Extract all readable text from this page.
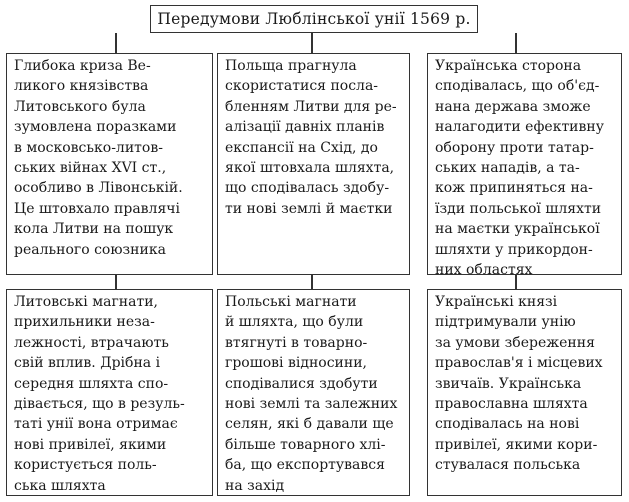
Передумови Люблінської унії 1569 р.
Глибока криза Ве-
ликого князівства
Литовського була
зумовлена поразками
в московсько-литов-
ських війнах XVI ст.,
особливо в Лівонській.
Це штовхало правлячі
кола Литви на пошук
реального союзника
Польща прагнула
скористатися посла-
бленням Литви для ре-
алізації давніх планів
експансії на Схід, до
якої штовхала шляхта,
що сподівалась здобу-
ти нові землі й маєтки
Українська сторона
сподівалась, що об'єд-
нана держава зможе
налагодити ефективну
оборону проти татар-
ських нападів, а та-
кож припиняться на-
їзди польської шляхти
на маєтки української
шляхти у прикордон-
них областях
Литовські магнати,
прихильники неза-
лежності, втрачають
свій вплив. Дрібна і
середня шляхта спо-
дівається, що в резуль-
таті унії вона отримає
нові привілеї, якими
користується поль-
ська шляхта
Польські магнати
й шляхта, що були
втягнуті в товарно-
грошові відносини,
сподівалися здобути
нові землі та залежних
селян, які б давали ще
більше товарного хлі-
ба, що експортувався
на захід
Українські князі
підтримували унію
за умови збереження
православ'я і місцевих
звичаїв. Українська
православна шляхта
сподівалась на нові
привілеї, якими кори-
стувалася польська
